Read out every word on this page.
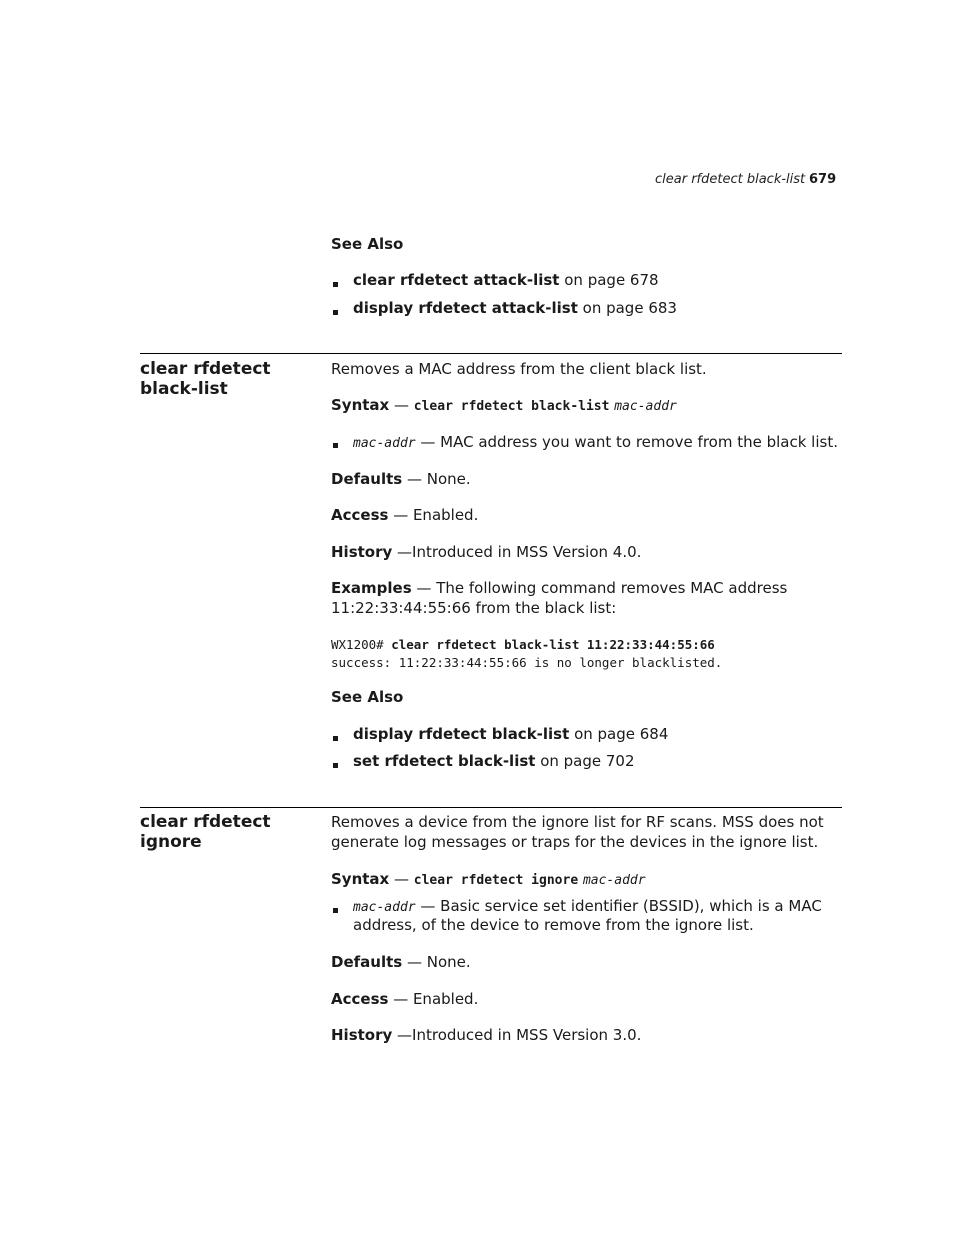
clear rfdetect black-list 679
See Also
clear rfdetect attack-list on page 678
display rfdetect attack-list on page 683
clear rfdetect
black-list
Removes a MAC address from the client black list.
Syntax — clear rfdetect black-list mac-addr
mac-addr — MAC address you want to remove from the black list.
Defaults — None.
Access — Enabled.
History —Introduced in MSS Version 4.0.
Examples — The following command removes MAC address
11:22:33:44:55:66 from the black list:
WX1200# clear rfdetect black-list 11:22:33:44:55:66
success: 11:22:33:44:55:66 is no longer blacklisted.
See Also
display rfdetect black-list on page 684
set rfdetect black-list on page 702
clear rfdetect
ignore
Removes a device from the ignore list for RF scans. MSS does not
generate log messages or traps for the devices in the ignore list.
Syntax — clear rfdetect ignore mac-addr
mac-addr — Basic service set identifier (BSSID), which is a MAC
address, of the device to remove from the ignore list.
Defaults — None.
Access — Enabled.
History —Introduced in MSS Version 3.0.
